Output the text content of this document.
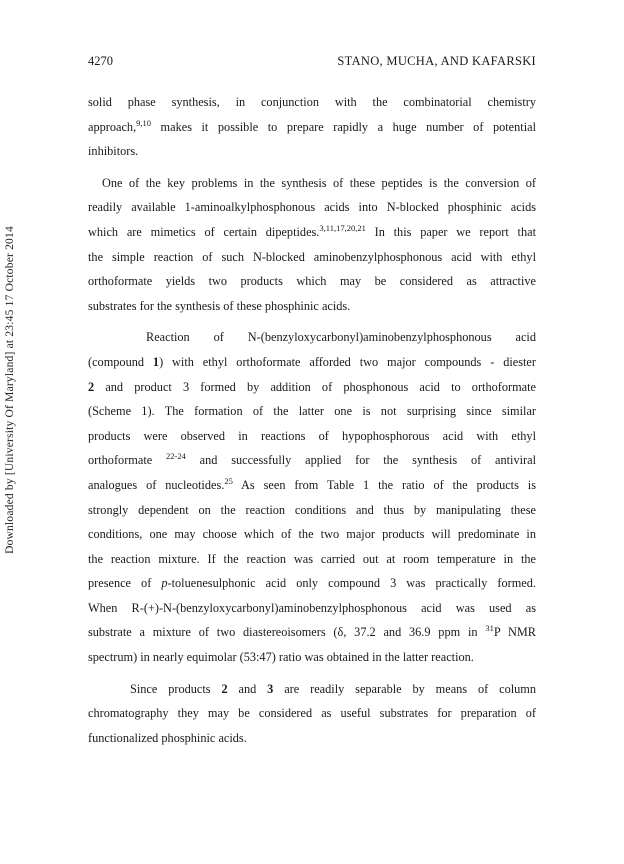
Downloaded by [University Of Maryland] at 23:45 17 October 2014
4270	STANO, MUCHA, AND KAFARSKI
solid phase synthesis, in conjunction with the combinatorial chemistry
approach,$^{9,10}$ makes it possible to prepare rapidly a huge number of potential
inhibitors.
One of the key problems in the synthesis of these peptides is the conversion of
readily available 1-aminoalkylphosphonous acids into N-blocked phosphinic acids
which are mimetics of certain dipeptides.$^{3,11,17,20,21}$ In this paper we report that
the simple reaction of such N-blocked aminobenzylphosphonous acid with ethyl
orthoformate yields two products which may be considered as attractive
substrates for the synthesis of these phosphinic acids.
Reaction of N-(benzyloxycarbonyl)aminobenzylphosphonous acid
(compound 1) with ethyl orthoformate afforded two major compounds - diester
2 and product 3 formed by addition of phosphonous acid to orthoformate
(Scheme 1). The formation of the latter one is not surprising since similar
products were observed in reactions of hypophosphorous acid with ethyl
orthoformate $^{22-24}$ and successfully applied for the synthesis of antiviral
analogues of nucleotides.$^{25}$ As seen from Table 1 the ratio of the products is
strongly dependent on the reaction conditions and thus by manipulating these
conditions, one may choose which of the two major products will predominate in
the reaction mixture. If the reaction was carried out at room temperature in the
presence of p-toluenesulphonic acid only compound 3 was practically formed.
When R-(+)-N-(benzyloxycarbonyl)aminobenzylphosphonous acid was used as
substrate a mixture of two diastereoisomers (δ, 37.2 and 36.9 ppm in $^{31}$P NMR
spectrum) in nearly equimolar (53:47) ratio was obtained in the latter reaction.
Since products 2 and 3 are readily separable by means of column
chromatography they may be considered as useful substrates for preparation of
functionalized phosphinic acids.
